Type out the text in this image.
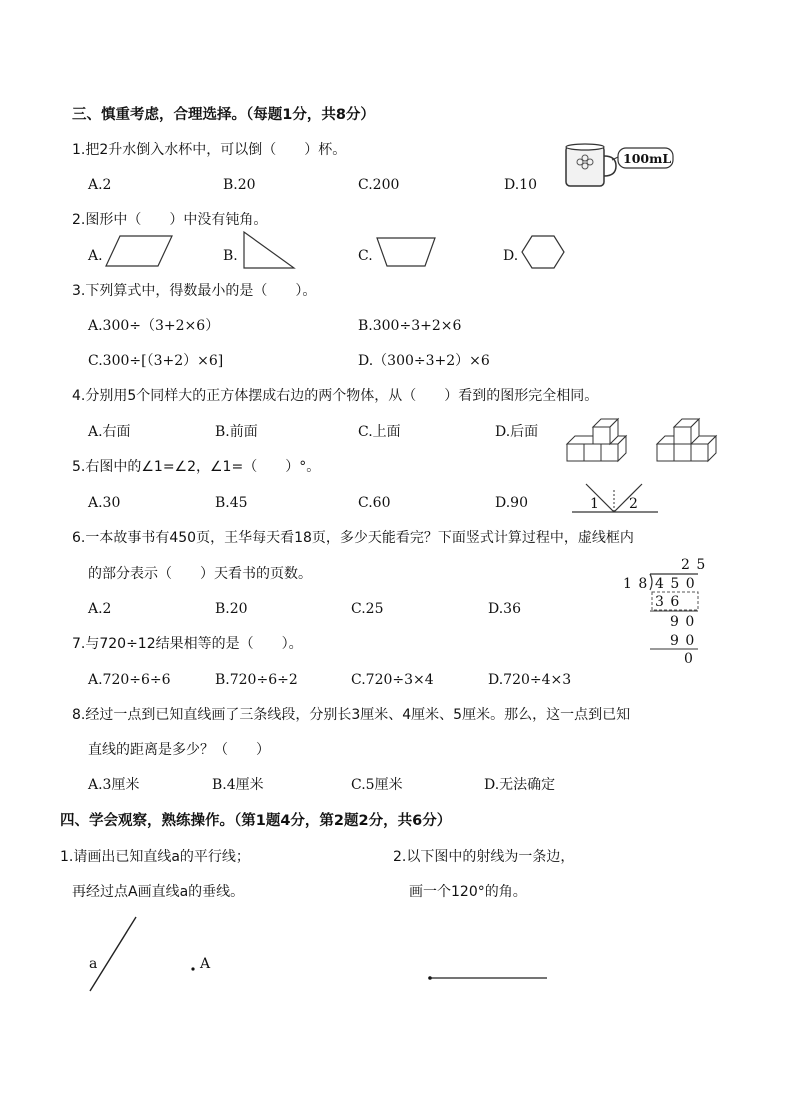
三、慎重考虑，合理选择。（每题1分，共8分）
1.把2升水倒入水杯中，可以倒（　　）杯。
A.2	B.20	C.200	D.10
100mL
2.图形中（　　）中没有钝角。
A.	B.	C.	D.
3.下列算式中，得数最小的是（　　）。
A.300÷（3+2×6）	B.300÷3+2×6
C.300÷[（3+2）×6]	D.（300÷3+2）×6
4.分别用5个同样大的正方体摆成右边的两个物体，从（　　）看到的图形完全相同。
A.右面	B.前面	C.上面	D.后面
5.右图中的∠1=∠2，∠1=（　　）°。
A.30	B.45	C.60	D.90	1 2
6.一本故事书有450页，王华每天看18页，多少天能看完？下面竖式计算过程中，虚线框内
的部分表示（　　）天看书的页数。
A.2	B.20	C.25	D.36
2 5
1 8 4 5 0
3 6
9 0
9 0
0
7.与720÷12结果相等的是（　　）。
A.720÷6÷6	B.720÷6÷2	C.720÷3×4	D.720÷4×3
8.经过一点到已知直线画了三条线段，分别长3厘米、4厘米、5厘米。那么，这一点到已知
直线的距离是多少？（　　）
A.3厘米	B.4厘米	C.5厘米	D.无法确定
四、学会观察，熟练操作。（第1题4分，第2题2分，共6分）
1.请画出已知直线a的平行线；
再经过点A画直线a的垂线。
2.以下图中的射线为一条边，
画一个120°的角。
a	A
